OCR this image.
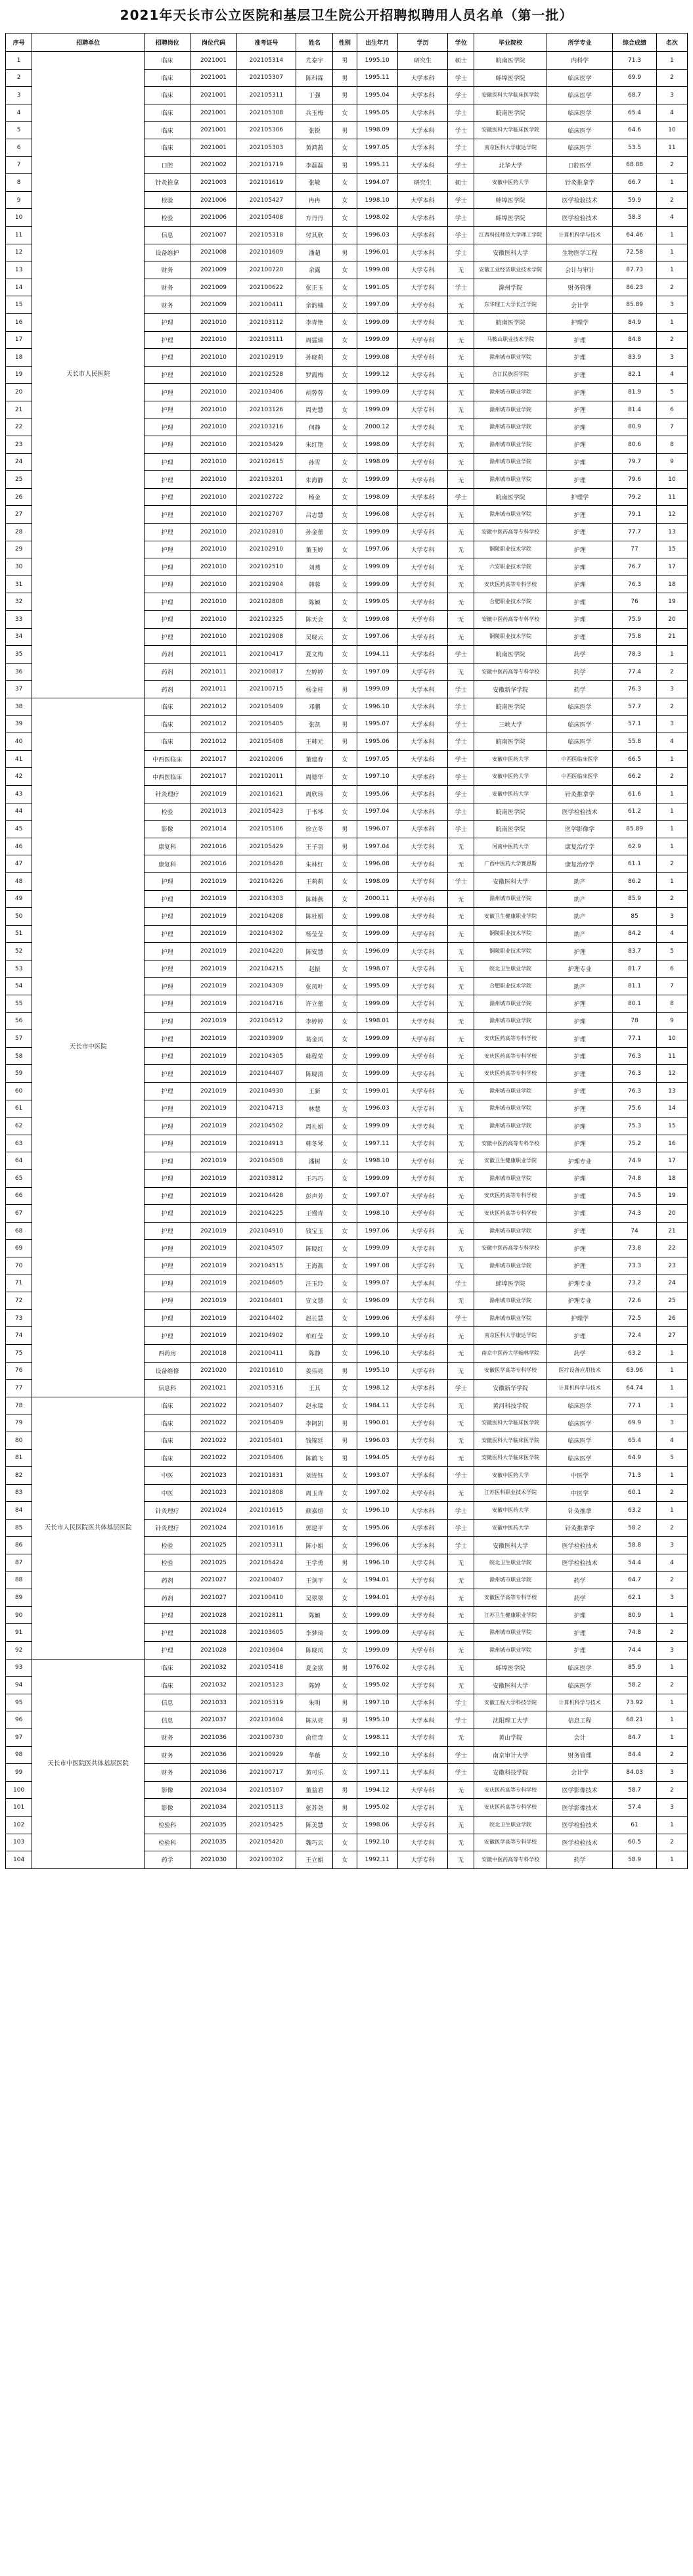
2021年天长市公立医院和基层卫生院公开招聘拟聘用人员名单（第一批）
序号	招聘单位	招聘岗位	岗位代码	准考证号	姓名	性别	出生年月	学历	学位	毕业院校	所学专业	综合成绩	名次
1	天长市人民医院	临床	2021001	202105314	尤泰宇	男	1995.10	研究生	硕士	皖南医学院	内科学	71.3	1
2		临床	2021001	202105307	陈科霖	男	1995.11	大学本科	学士	蚌埠医学院	临床医学	69.9	2
3		临床	2021001	202105311	丁强	男	1995.04	大学本科	学士	安徽医科大学临床医学院	临床医学	68.7	3
4		临床	2021001	202105308	兵玉梅	女	1995.05	大学本科	学士	皖南医学院	临床医学	65.4	4
5		临床	2021001	202105306	张锐	男	1998.09	大学本科	学士	安徽医科大学临床医学院	临床医学	64.6	10
6		临床	2021001	202105303	黄鸿茜	女	1997.05	大学本科	学士	南京医科大学康达学院	临床医学	53.5	11
7		口腔	2021002	202101719	李磊磊	男	1995.11	大学本科	学士	北华大学	口腔医学	68.88	2
8		针灸推拿	2021003	202101619	张敏	女	1994.07	研究生	硕士	安徽中医药大学	针灸推拿学	66.7	1
9		检验	2021006	202105427	冉冉	女	1998.10	大学本科	学士	蚌埠医学院	医学检验技术	59.9	2
10		检验	2021006	202105408	方丹丹	女	1998.02	大学本科	学士	蚌埠医学院	医学检验技术	58.3	4
11		信息	2021007	202105318	付其欣	女	1996.03	大学本科	学士	江西科技师范大学理工学院	计算机科学与技术	64.46	1
12		设备维护	2021008	202101609	潘超	男	1996.01	大学本科	学士	安徽医科大学	生物医学工程	72.58	1
13		财务	2021009	202100720	余露	女	1999.08	大学专科	无	安徽工业经济职业技术学院	会计与审计	87.73	1
14		财务	2021009	202100622	张正玉	女	1991.05	大学专科	学士	滁州学院	财务管理	86.23	2
15		财务	2021009	202100411	余韵楠	女	1997.09	大学专科	无	东华理工大学长江学院	会计学	85.89	3
16		护理	2021010	202103112	李青艳	女	1999.09	大学专科	无	皖南医学院	护理学	84.9	1
17		护理	2021010	202103111	周猛瑞	女	1999.09	大学专科	无	马鞍山职业技术学院	护理	84.8	2
18		护理	2021010	202102919	孙晓莉	女	1999.08	大学专科	无	滁州城市职业学院	护理	83.9	3
19		护理	2021010	202102528	罗霞梅	女	1999.12	大学专科	无	合江民族医学院	护理	82.1	4
20		护理	2021010	202103406	胡蓉蓉	女	1999.09	大学专科	无	滁州城市职业学院	护理	81.9	5
21		护理	2021010	202103126	周先慧	女	1999.09	大学专科	无	滁州城市职业学院	护理	81.4	6
22		护理	2021010	202103216	何静	女	2000.12	大学专科	无	滁州城市职业学院	护理	80.9	7
23		护理	2021010	202103429	朱红艳	女	1998.09	大学专科	无	滁州城市职业学院	护理	80.6	8
24		护理	2021010	202102615	孙雪	女	1998.09	大学专科	无	滁州城市职业学院	护理	79.7	9
25		护理	2021010	202103201	朱海静	女	1999.09	大学专科	无	滁州城市职业学院	护理	79.6	10
26		护理	2021010	202102722	杨金	女	1998.09	大学本科	学士	皖南医学院	护理学	79.2	11
27		护理	2021010	202102707	吕志慧	女	1996.08	大学专科	无	滁州城市职业学院	护理	79.1	12
28		护理	2021010	202102810	孙金蕾	女	1999.09	大学专科	无	安徽中医药高等专科学校	护理	77.7	13
29		护理	2021010	202102910	董玉婷	女	1997.06	大学专科	无	铜陵职业技术学院	护理	77	15
30		护理	2021010	202102510	刘燕	女	1999.09	大学专科	无	六安职业技术学院	护理	76.7	17
31		护理	2021010	202102904	韩蓉	女	1999.09	大学专科	无	安庆医药高等专科学校	护理	76.3	18
32		护理	2021010	202102808	陈颖	女	1999.05	大学专科	无	合肥职业技术学院	护理	76	19
33		护理	2021010	202102325	陈天会	女	1999.08	大学专科	无	安徽中医药高等专科学校	护理	75.9	20
34		护理	2021010	202102908	吴晓云	女	1997.06	大学专科	无	铜陵职业技术学院	护理	75.8	21
35		药剂	2021011	202100417	夏文梅	女	1994.11	大学本科	学士	皖南医学院	药学	78.3	1
36		药剂	2021011	202100817	左婷婷	女	1997.09	大学专科	无	安徽中医药高等专科学校	药学	77.4	2
37		药剂	2021011	202100715	杨金桂	男	1999.09	大学本科	学士	安徽新华学院	药学	76.3	3
38	天长市中医院	临床	2021012	202105409	邓鹏	女	1996.10	大学本科	学士	皖南医学院	临床医学	57.7	2
39		临床	2021012	202105405	张凯	男	1995.07	大学本科	学士	三峡大学	临床医学	57.1	3
40		临床	2021012	202105408	王韩元	男	1995.06	大学本科	学士	皖南医学院	临床医学	55.8	4
41		中西医临床	2021017	202102006	董建春	女	1997.05	大学本科	学士	安徽中医药大学	中西医临床医学	66.5	1
42		中西医临床	2021017	202102011	周德华	女	1997.10	大学本科	学士	安徽中医药大学	中西医临床医学	66.2	2
43		针灸理疗	2021019	202101621	周欣玮	女	1995.06	大学本科	学士	安徽中医药大学	针灸推拿学	61.6	1
44		检验	2021013	202105423	于书琴	女	1997.04	大学本科	学士	皖南医学院	医学检验技术	61.2	1
45		影像	2021014	202105106	徐立冬	男	1996.07	大学本科	学士	皖南医学院	医学影像学	85.89	1
46		康复科	2021016	202105429	王子羽	男	1997.04	大学专科	无	河南中医药大学	康复治疗学	62.9	1
47		康复科	2021016	202105428	朱林红	女	1996.08	大学专科	无	广西中医药大学赛恩斯	康复治疗学	61.1	2
48		护理	2021019	202104226	王莉莉	女	1998.09	大学专科	学士	安徽医科大学	助产	86.2	1
49		护理	2021019	202104303	陈韩燕	女	2000.11	大学专科	无	滁州城市职业学院	助产	85.9	2
50		护理	2021019	202104208	陈杜娟	女	1999.08	大学专科	无	安徽卫生健康职业学院	助产	85	3
51		护理	2021019	202104302	杨莹莹	女	1999.09	大学专科	无	铜陵职业技术学院	助产	84.2	4
52		护理	2021019	202104220	陈安慧	女	1996.09	大学专科	无	铜陵职业技术学院	护理	83.7	5
53		护理	2021019	202104215	赵振	女	1998.07	大学专科	无	皖北卫生职业学院	护理专业	81.7	6
54		护理	2021019	202104309	张凤叶	女	1995.09	大学专科	无	合肥职业技术学院	助产	81.1	7
55		护理	2021019	202104716	许立蕾	女	1999.09	大学专科	无	滁州城市职业学院	护理	80.1	8
56		护理	2021019	202104512	李婷婷	女	1998.01	大学专科	无	滁州城市职业学院	护理	78	9
57		护理	2021019	202103909	葛金凤	女	1999.09	大学专科	无	安庆医药高等专科学校	护理	77.1	10
58		护理	2021019	202104305	韩程荣	女	1999.09	大学专科	无	安庆医药高等专科学校	护理	76.3	11
59		护理	2021019	202104407	陈晓清	女	1999.09	大学专科	无	安庆医药高等专科学校	护理	76.3	12
60		护理	2021019	202104930	王新	女	1999.01	大学专科	无	滁州城市职业学院	护理	76.3	13
61		护理	2021019	202104713	林慧	女	1996.03	大学专科	无	滁州城市职业学院	护理	75.6	14
62		护理	2021019	202104502	周礼娟	女	1999.09	大学专科	无	滁州城市职业学院	护理	75.3	15
63		护理	2021019	202104913	韩冬琴	女	1997.11	大学专科	无	安徽中医药高等专科学校	护理	75.2	16
64		护理	2021019	202104508	潘树	女	1998.10	大学专科	无	安徽卫生健康职业学院	护理专业	74.9	17
65		护理	2021019	202103812	王巧巧	女	1999.09	大学专科	无	滁州城市职业学院	护理	74.8	18
66		护理	2021019	202104428	彭声芳	女	1997.07	大学专科	无	安庆医药高等专科学校	护理	74.5	19
67		护理	2021019	202104225	王慢青	女	1998.10	大学专科	无	安庆医药高等专科学校	护理	74.3	20
68		护理	2021019	202104910	钱宝玉	女	1997.06	大学专科	无	滁州城市职业学院	护理	74	21
69		护理	2021019	202104507	陈晓红	女	1999.09	大学专科	无	安徽中医药高等专科学校	护理	73.8	22
70		护理	2021019	202104515	王海燕	女	1997.08	大学专科	无	滁州城市职业学院	护理	73.3	23
71		护理	2021019	202104605	汪玉玲	女	1999.07	大学本科	学士	蚌埠医学院	护理专业	73.2	24
72		护理	2021019	202104401	宣文慧	女	1996.09	大学专科	无	滁州城市职业学院	护理专业	72.6	25
73		护理	2021019	202104402	赵长慧	女	1999.06	大学本科	学士	滁州城市职业学院	护理学	72.5	26
74		护理	2021019	202104902	柏红莹	女	1999.10	大学专科	无	南京医科大学康达学院	护理	72.4	27
75		西药房	2021018	202100411	陈静	女	1996.10	大学本科	无	南京中医药大学翰林学院	药学	63.2	1
76		设备维修	2021020	202101610	姜伟亮	男	1995.10	大学专科	无	安徽医学高等专科学校	医疗设备应用技术	63.96	1
77		信息科	2021021	202105316	王其	女	1998.12	大学本科	学士	安徽新华学院	计算机科学与技术	64.74	1
78	天长市人民医院医共体基层医院	临床	2021022	202105407	赵永瑞	女	1984.11	大学专科	无	黄河科技学院	临床医学	77.1	1
79		临床	2021022	202105409	李阿凯	男	1990.01	大学专科	无	安徽医科大学临床医学院	临床医学	69.9	3
80		临床	2021022	202105401	钱锦廷	男	1996.03	大学专科	无	安徽医科大学临床医学院	临床医学	65.4	4
81		临床	2021022	202105406	陈鹤飞	男	1994.05	大学专科	无	安徽医科大学临床医学院	临床医学	64.9	5
82		中医	2021023	202101831	刘连钰	女	1993.07	大学本科	学士	安徽中医药大学	中医学	71.3	1
83		中医	2021023	202101808	周玉青	女	1997.02	大学专科	无	江苏医科职业技术学院	中医学	60.1	2
84		针灸理疗	2021024	202101615	颜嘉煊	女	1996.10	大学本科	学士	安徽中医药大学	针灸推拿	63.2	1
85		针灸理疗	2021024	202101616	郭建平	女	1995.06	大学本科	学士	安徽中医药大学	针灸推拿学	58.2	2
86		检验	2021025	202105311	陈小娟	女	1996.06	大学本科	学士	安徽医科大学	医学检验技术	58.8	3
87		检验	2021025	202105424	王学勇	男	1996.10	大学专科	无	皖北卫生职业学院	医学检验技术	54.4	4
88		药剂	2021027	202100407	王剑平	女	1994.01	大学专科	无	滁州城市职业学院	药学	64.7	2
89		药剂	2021027	202100410	吴翠翠	女	1994.01	大学专科	无	安徽医学高等专科学校	药学	62.1	3
90		护理	2021028	202102811	陈颖	女	1999.09	大学专科	无	江苏卫生健康职业学院	护理	80.9	1
91		护理	2021028	202103605	李梦琦	女	1999.09	大学专科	无	滁州城市职业学院	护理	74.8	2
92		护理	2021028	202103604	陈晓凤	女	1999.09	大学专科	无	滁州城市职业学院	护理	74.4	3
93	天长市中医院医共体基层医院	临床	2021032	202105418	夏金富	男	1976.02	大学专科	无	蚌埠医学院	临床医学	85.9	1
94		临床	2021032	202105123	陈婷	女	1995.02	大学专科	无	安徽医科大学	临床医学	58.2	2
95		信息	2021033	202105319	朱明	男	1997.10	大学本科	学士	安徽工程大学科技学院	计算机科学与技术	73.92	1
96		信息	2021037	202101604	陈从亮	男	1995.10	大学本科	学士	沈阳理工大学	信息工程	68.21	1
97		财务	2021036	202100730	俞佳奇	女	1998.11	大学专科	无	黄山学院	会计	84.7	1
98		财务	2021036	202100929	华薇	女	1992.10	大学本科	学士	南京审计大学	财务管理	84.4	2
99		财务	2021036	202100717	黄可乐	女	1997.11	大学本科	学士	安徽科技学院	会计学	84.03	3
100		影像	2021034	202105107	董益君	男	1994.12	大学专科	无	安庆医药高等专科学校	医学影像技术	58.7	2
101		影像	2021034	202105113	张苏尧	男	1995.02	大学专科	无	安庆医药高等专科学校	医学影像技术	57.4	3
102		检验科	2021035	202105425	陈美慧	女	1998.06	大学专科	无	皖北卫生职业学院	医学检验技术	61	1
103		检验科	2021035	202105420	魏巧云	女	1992.10	大学专科	无	安徽医学高等专科学校	医学检验技术	60.5	2
104		药学	2021030	202100302	王立娟	女	1992.11	大学专科	无	安徽中医药高等专科学校	药学	58.9	1
